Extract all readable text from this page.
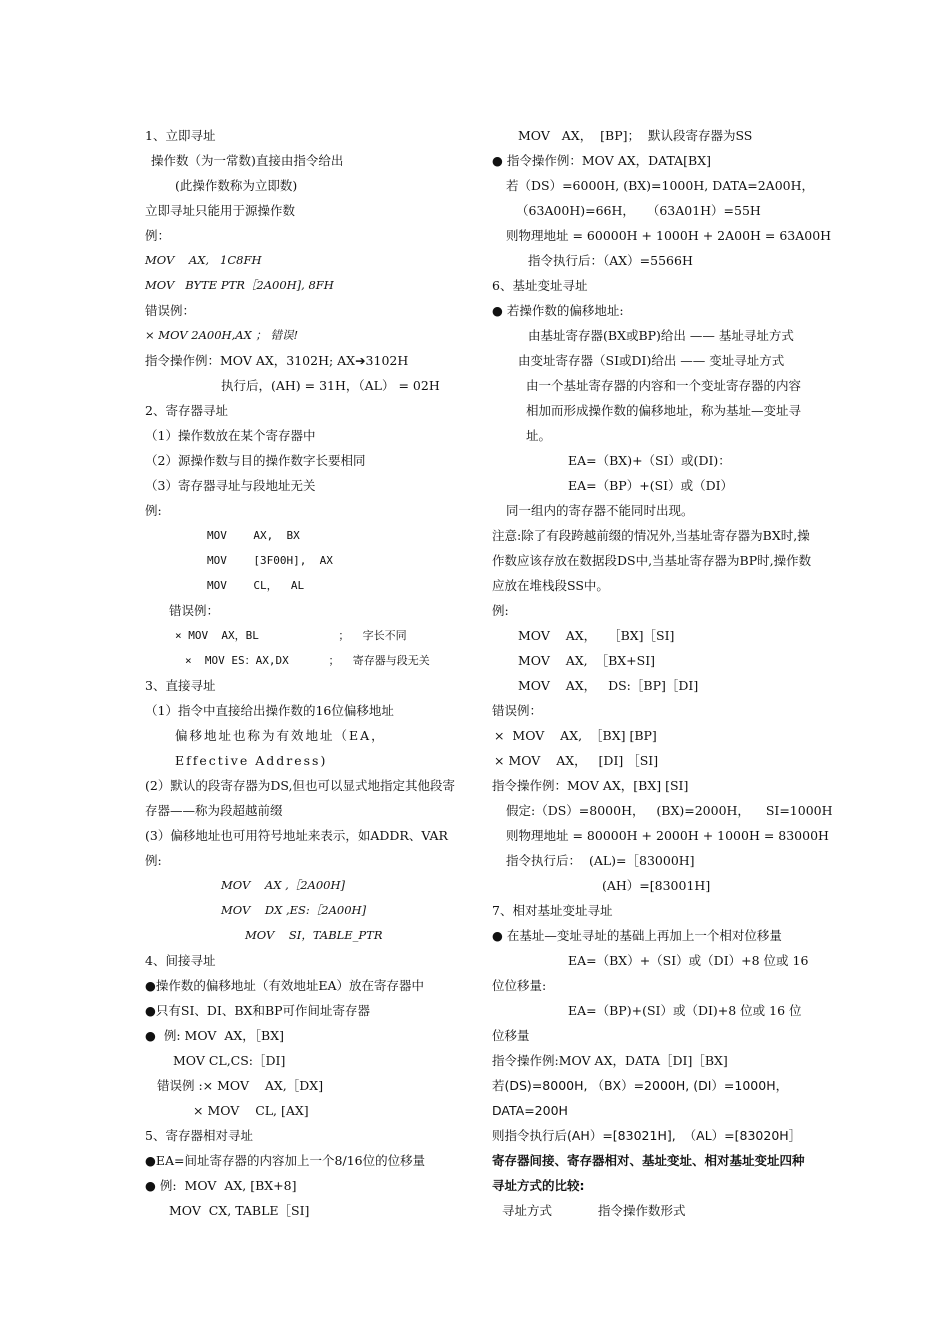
1、立即寻址
操作数（为一常数)直接由指令给出
(此操作数称为立即数)
立即寻址只能用于源操作数
例：
MOV    AX,   1C8FH
MOV   BYTE PTR［2A00H], 8FH
错误例：
× MOV 2A00H,AX ； 错误!
指令操作例：MOV AX，3102H; AX➔3102H
执行后，(AH) = 31H，（AL） = 02H
2、寄存器寻址
（1）操作数放在某个寄存器中
（2）源操作数与目的操作数字长要相同
（3）寄存器寻址与段地址无关
例:
MOV    AX,  BX
MOV    [3F00H],  AX
MOV    CL，  AL
错误例：
× MOV  AX，BL            ；  字长不同
×  MOV ES：AX,DX      ；  寄存器与段无关
3、直接寻址
（1）指令中直接给出操作数的16位偏移地址
偏移地址也称为有效地址（EA， Effective Address)
(2）默认的段寄存器为DS,但也可以显式地指定其他段寄存器——称为段超越前缀
(3）偏移地址也可用符号地址来表示，如ADDR、VAR
例:
MOV    AX ,［2A00H]
MOV    DX ,ES:［2A00H]
MOV    SI，TABLE_PTR
4、间接寻址
●操作数的偏移地址（有效地址EA）放在寄存器中
●只有SI、DI、BX和BP可作间址寄存器
●  例: MOV  AX，［BX]
MOV CL,CS:［DI]
错误例 :× MOV    AX,［DX]
× MOV    CL, [AX]
5、寄存器相对寻址
●EA=间址寄存器的内容加上一个8/16位的位移量
● 例:  MOV  AX, [BX+8]
MOV  CX, TABLE［SI]
MOV   AX，  [BP]；  默认段寄存器为SS
● 指令操作例：MOV AX，DATA[BX]
若（DS）=6000H, (BX)=1000H, DATA=2A00H，
（63A00H)=66H，   （63A01H）=55H
则物理地址 = 60000H + 1000H + 2A00H = 63A00H
指令执行后：（AX）=5566H
6、基址变址寻址
● 若操作数的偏移地址:
由基址寄存器(BX或BP)给出 —— 基址寻址方式
由变址寄存器（SI或DI)给出 —— 变址寻址方式
由一个基址寄存器的内容和一个变址寄存器的内容相加而形成操作数的偏移地址，称为基址—变址寻址。
EA=（BX)+（SI）或(DI)：
EA=（BP）+(SI）或（DI）
同一组内的寄存器不能同时出现。
注意:除了有段跨越前缀的情况外,当基址寄存器为BX时,操作数应该存放在数据段DS中,当基址寄存器为BP时,操作数应放在堆栈段SS中。
例:
MOV    AX，   ［BX]［SI]
MOV    AX,  ［BX+SI]
MOV    AX，   DS:［BP]［DI]
错误例：
×  MOV    AX,  ［BX] [BP]
× MOV    AX，   [DI] ［SI]
指令操作例：MOV AX，[BX] [SI]
假定:（DS）=8000H，   (BX)=2000H，    SI=1000H
则物理地址 = 80000H + 2000H + 1000H = 83000H
指令执行后：  (AL)=［83000H]
(AH）=[83001H]
7、相对基址变址寻址
● 在基址—变址寻址的基础上再加上一个相对位移量
EA=（BX）+（SI）或（DI）+8 位或 16 位位移量:
EA=（BP)+(SI）或（DI)+8 位或 16 位位移量
指令操作例:MOV AX，DATA［DI]［BX]
若(DS)=8000H, （BX）=2000H, (DI）=1000H，DATA=200H
则指令执行后(AH）=[83021H],  （AL）=[83020H］
寄存器间接、寄存器相对、基址变址、相对基址变址四种寻址方式的比较:
寻址方式	指令操作数形式
